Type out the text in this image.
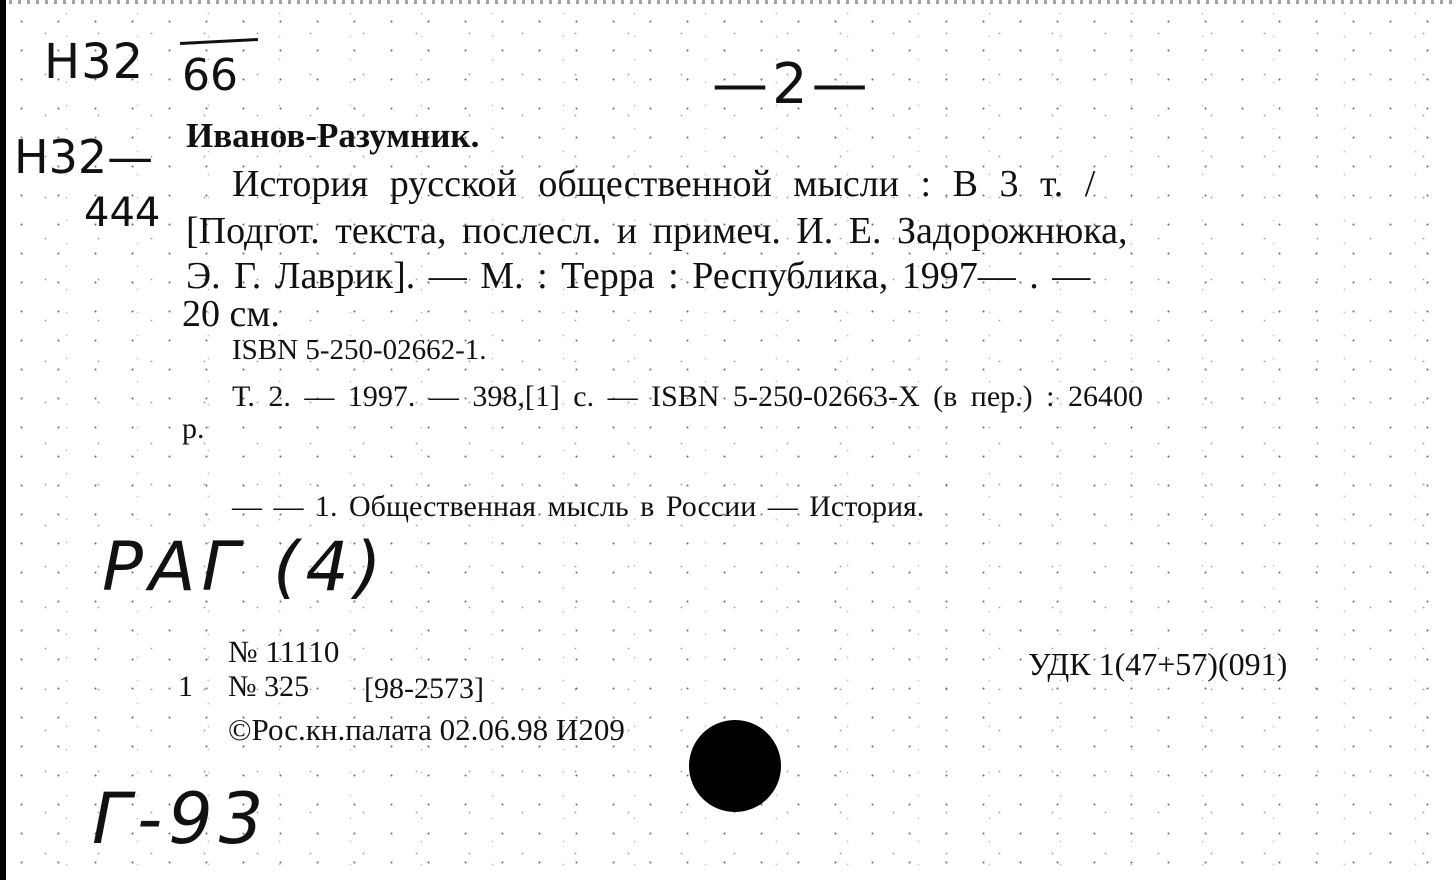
Н32 66	—2—
Н32—
444
РАГ (4)
Г-93
Иванов-Разумник.
История русской общественной мысли : В 3 т. /
[Подгот. текста, послесл. и примеч. И. Е. Задорожнюка,
Э. Г. Лаврик]. — М. : Терра : Республика, 1997— . —
20 см.
ISBN 5-250-02662-1.
Т. 2. — 1997. — 398,[1] с. — ISBN 5-250-02663-X (в пер.) : 26400
р.
— — 1. Общественная мысль в России — История.
№ 11110
1 № 325 [98-2573]
©Рос.кн.палата 02.06.98 И209
УДК 1(47+57)(091)
